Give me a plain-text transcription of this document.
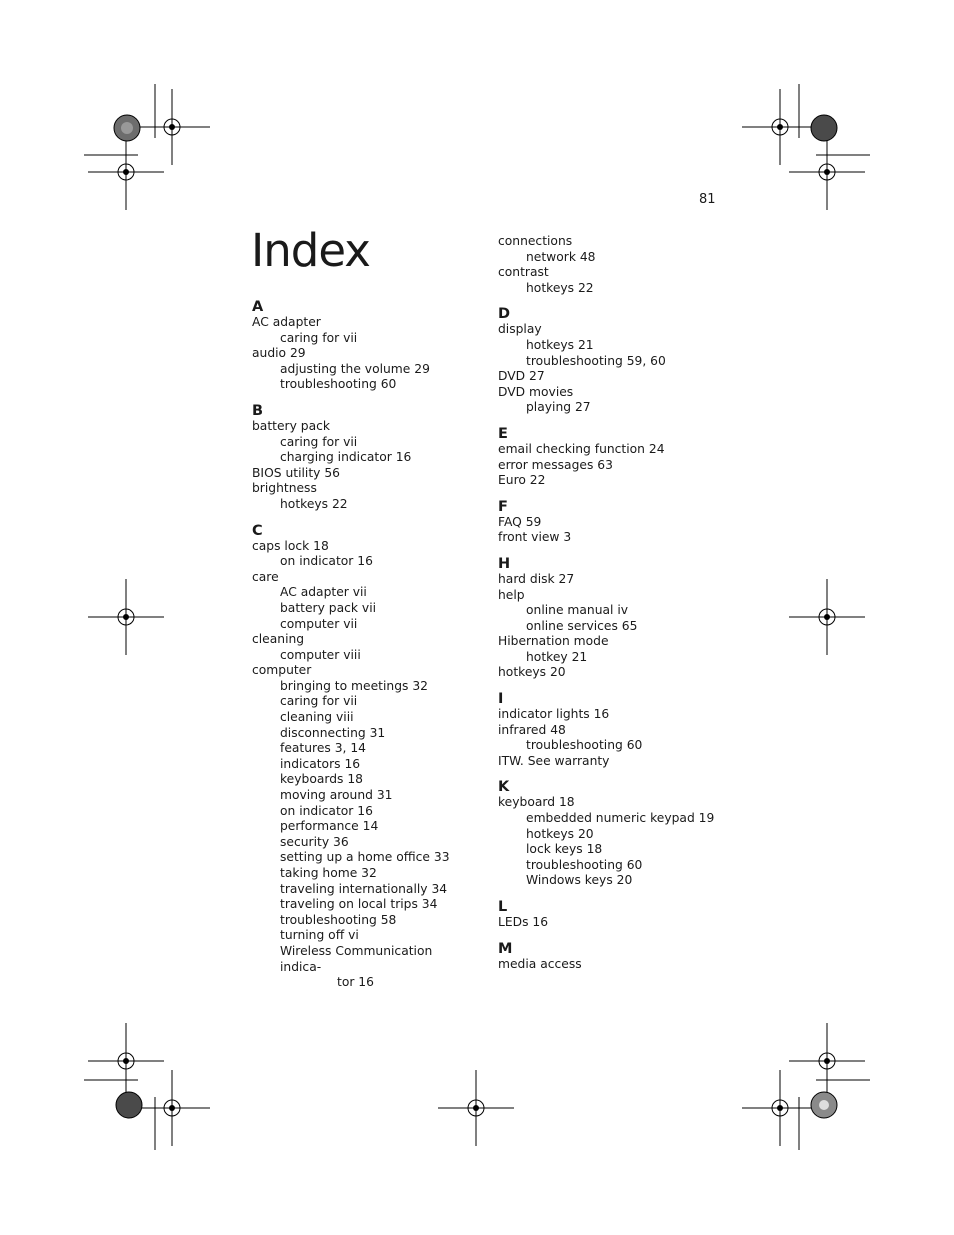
81
Index
A
AC adapter
caring for vii
audio 29
adjusting the volume 29
troubleshooting 60
B
battery pack
caring for vii
charging indicator 16
BIOS utility 56
brightness
hotkeys 22
C
caps lock 18
on indicator 16
care
AC adapter vii
battery pack vii
computer vii
cleaning
computer viii
computer
bringing to meetings 32
caring for vii
cleaning viii
disconnecting 31
features 3, 14
indicators 16
keyboards 18
moving around 31
on indicator 16
performance 14
security 36
setting up a home office 33
taking home 32
traveling internationally 34
traveling on local trips 34
troubleshooting 58
turning off vi
Wireless Communication indica-
tor 16
connections
network 48
contrast
hotkeys 22
D
display
hotkeys 21
troubleshooting 59, 60
DVD 27
DVD movies
playing 27
E
email checking function 24
error messages 63
Euro 22
F
FAQ 59
front view 3
H
hard disk 27
help
online manual iv
online services 65
Hibernation mode
hotkey 21
hotkeys 20
I
indicator lights 16
infrared 48
troubleshooting 60
ITW. See warranty
K
keyboard 18
embedded numeric keypad 19
hotkeys 20
lock keys 18
troubleshooting 60
Windows keys 20
L
LEDs 16
M
media access
